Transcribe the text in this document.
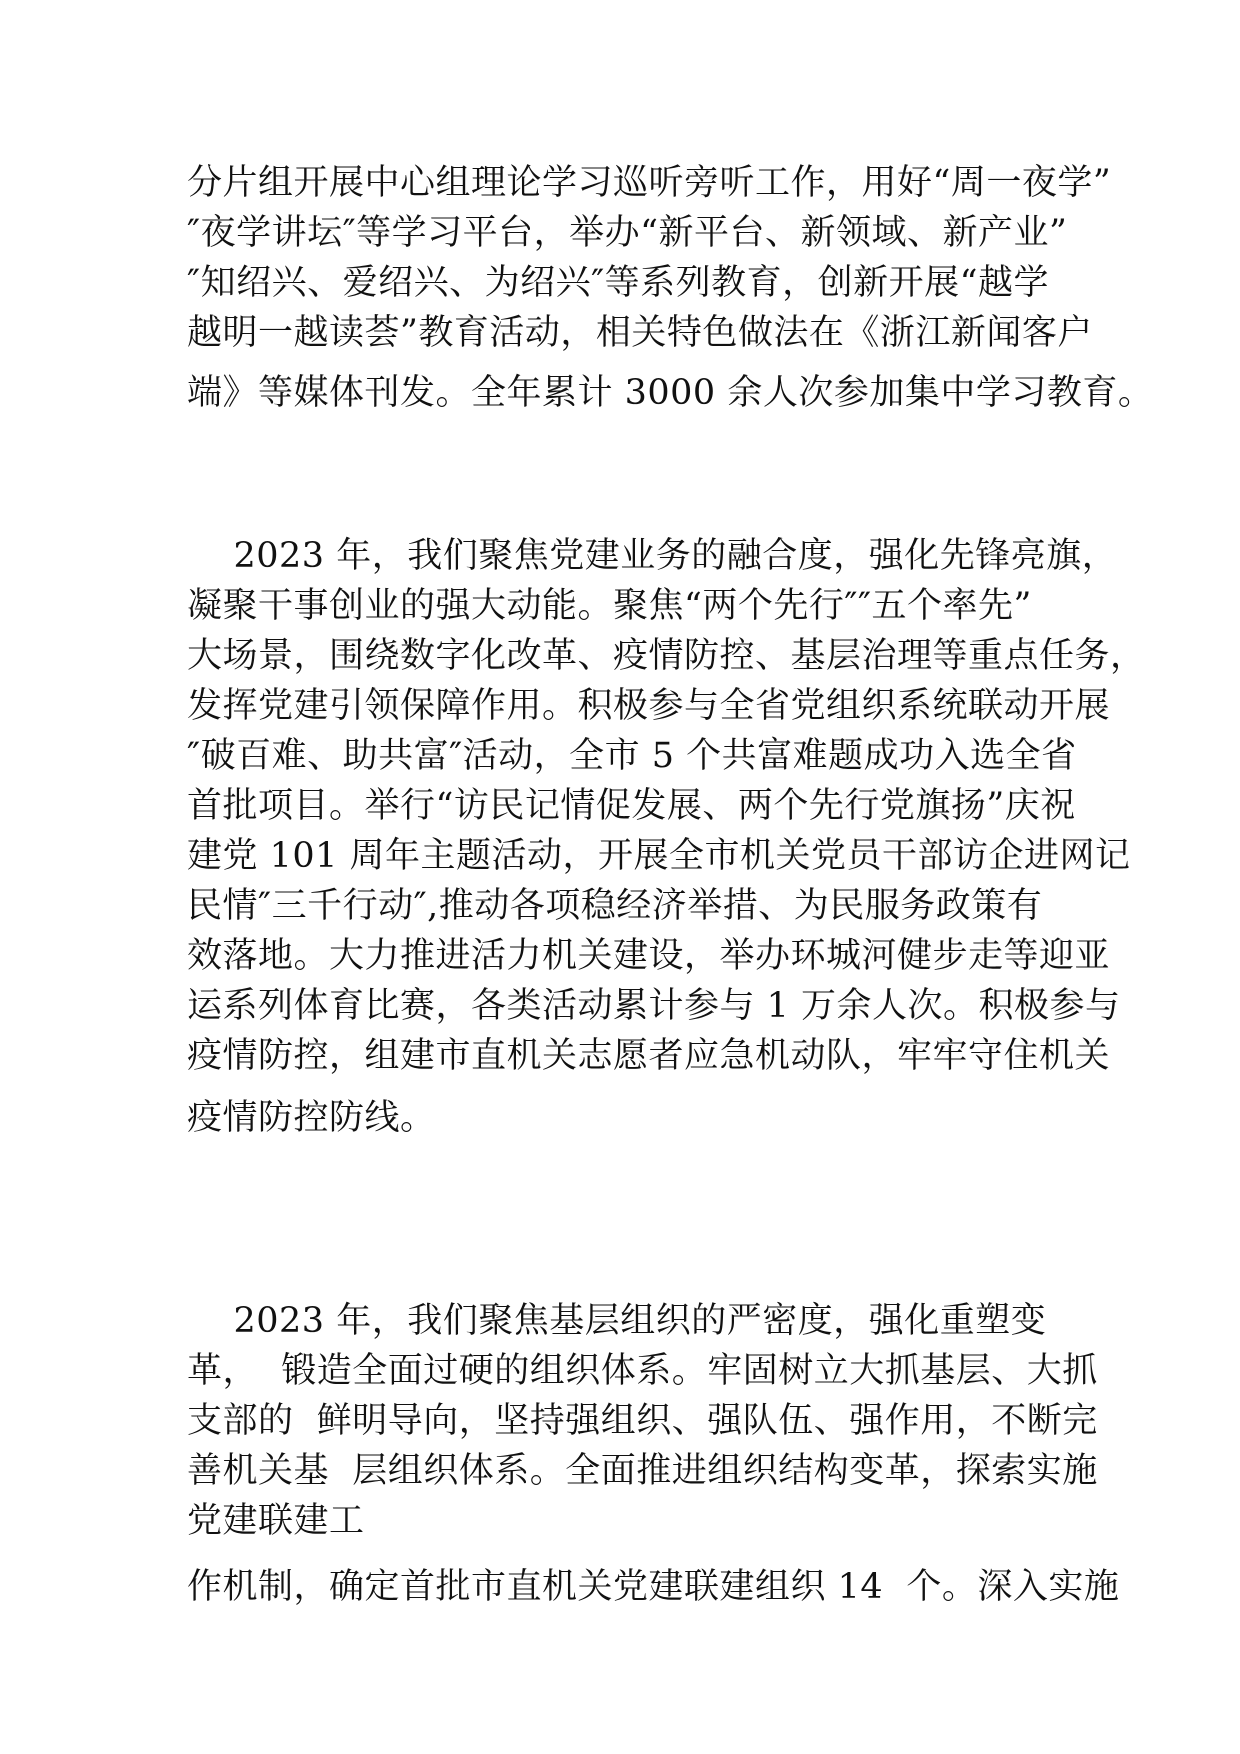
分片组开展中心组理论学习巡听旁听工作，用好“周一夜学”
″夜学讲坛″等学习平台，举办“新平台、新领域、新产业”
″知绍兴、爱绍兴、为绍兴″等系列教育，创新开展“越学
越明一越读荟”教育活动，相关特色做法在《浙江新闻客户
端》等媒体刊发。全年累计 3000 余人次参加集中学习教育。
2023 年，我们聚焦党建业务的融合度，强化先锋亮旗，
凝聚干事创业的强大动能。聚焦“两个先行″″五个率先”
大场景，围绕数字化改革、疫情防控、基层治理等重点任务，
发挥党建引领保障作用。积极参与全省党组织系统联动开展
″破百难、助共富″活动，全市 5 个共富难题成功入选全省
首批项目。举行“访民记情促发展、两个先行党旗扬”庆祝
建党 101 周年主题活动，开展全市机关党员干部访企进网记
民情″三千行动″,推动各项稳经济举措、为民服务政策有
效落地。大力推进活力机关建设，举办环城河健步走等迎亚
运系列体育比赛，各类活动累计参与 1 万余人次。积极参与
疫情防控，组建市直机关志愿者应急机动队，牢牢守住机关
疫情防控防线。
2023 年，我们聚焦基层组织的严密度，强化重塑变
革，  锻造全面过硬的组织体系。牢固树立大抓基层、大抓
支部的  鲜明导向，坚持强组织、强队伍、强作用，不断完
善机关基  层组织体系。全面推进组织结构变革，探索实施
党建联建工
作机制，确定首批市直机关党建联建组织 14  个。深入实施
